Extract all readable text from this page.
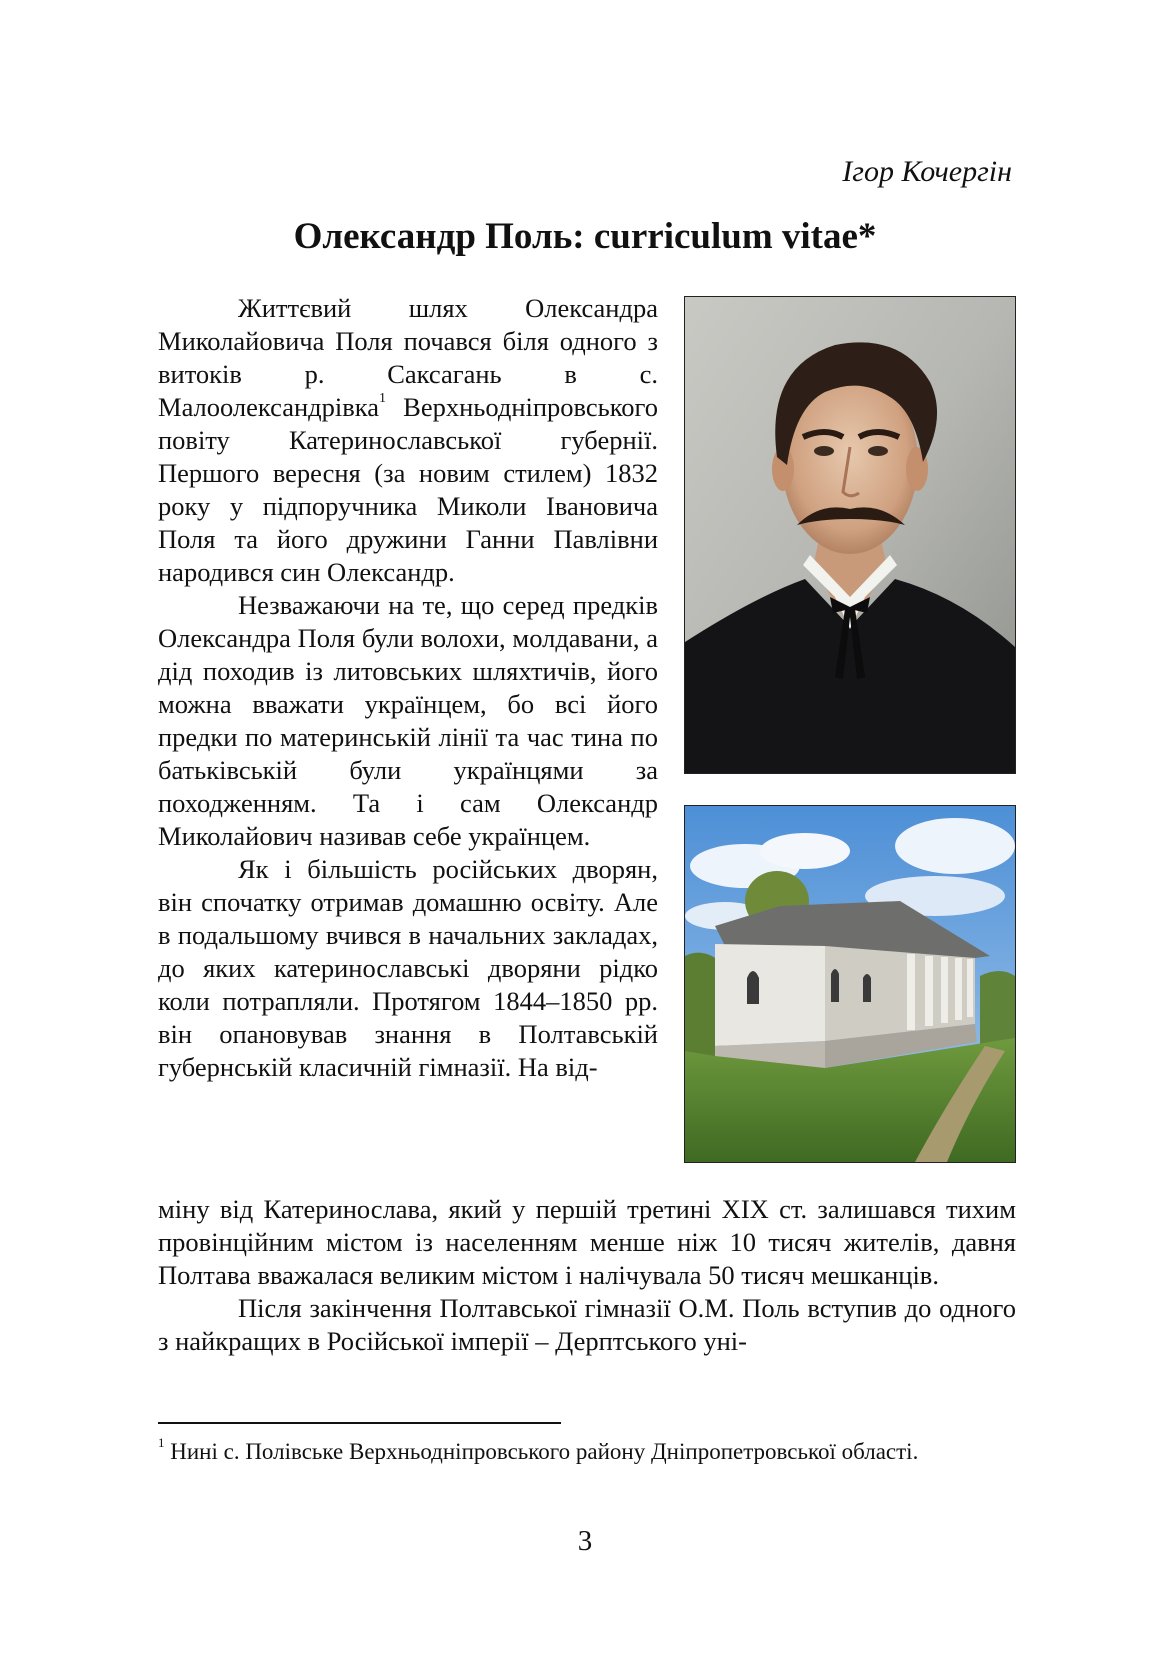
Ігор Кочергін
Олександр Поль: curriculum vitae*

Життєвий шлях Олександра Миколайовича Поля почався біля одного з витоків р. Саксагань в с. Малоолександрівка$^1$ Верхньодніпровського повіту Катеринославської губернії. Першого вересня (за новим стилем) 1832 року у підпоручника Миколи Івановича Поля та його дружини Ганни Павлівни народився син Олександр.

Незважаючи на те, що серед предків Олександра Поля були волохи, молдавани, а дід походив із литовських шляхтичів, його можна вважати українцем, бо всі його предки по материнській лінії та час тина по батьківській були українцями за походженням. Та і сам Олександр Миколайович називав себе українцем.

Як і більшість російських дворян, він спочатку отримав домашню освіту. Але в подальшому вчився в начальних закладах, до яких катеринославські дворяни рідко коли потрапляли. Протягом 1844–1850 рр. він опановував знання в Полтавській губернській класичній гімназії. На від-

міну від Катеринослава, який у першій третині ХІХ ст. залишався тихим провінційним містом із населенням менше ніж 10 тисяч жителів, давня Полтава вважалася великим містом і налічувала 50 тисяч мешканців.

Після закінчення Полтавської гімназії О.М. Поль вступив до одного з найкращих в Російської імперії – Дерптського уні-

$^1$ Нині с. Полівське Верхньодніпровського району Дніпропетровської області.
3
